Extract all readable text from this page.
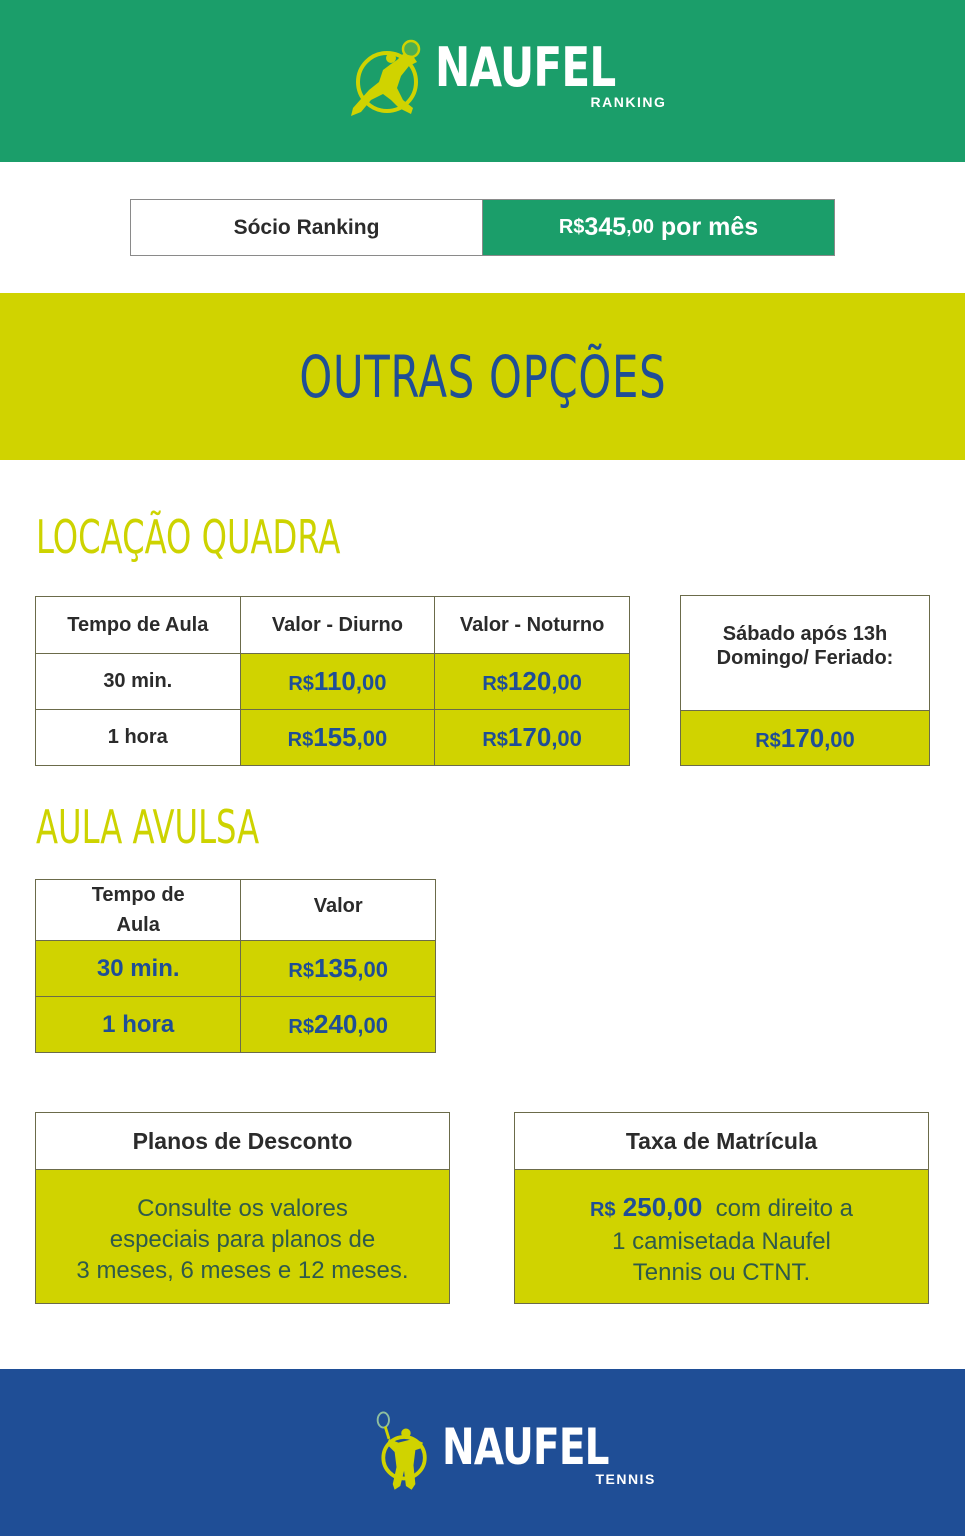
NAUFEL
RANKING
Sócio Ranking	R$ 345 ,00 por mês
OUTRAS OPÇÕES
LOCAÇÃO QUADRA
Tempo de Aula	Valor - Diurno	Valor - Noturno
30 min.	R$110,00	R$120,00
1 hora	R$155,00	R$170,00
Sábado após 13h
Domingo/ Feriado:
R$170,00
AULA AVULSA
Tempo de
Aula	Valor
30 min.	R$135,00
1 hora	R$240,00
Planos de Desconto
Consulte os valores
especiais para planos de
3 meses, 6 meses e 12 meses.
Taxa de Matrícula
R$ 250,00  com direito a
1 camisetada Naufel
Tennis ou CTNT.
NAUFEL
TENNIS
